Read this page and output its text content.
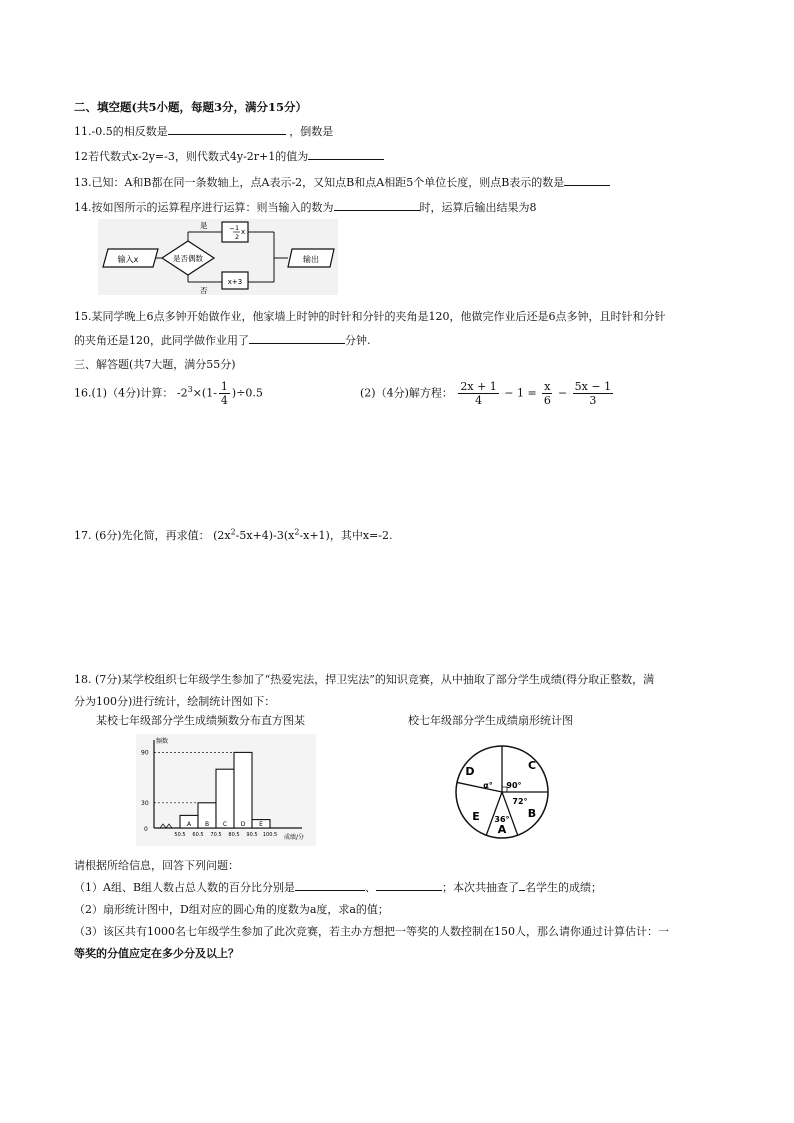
二、填空题(共5小题，每题3分，满分15分）
11.-0.5的相反数是	，倒数是
12若代数式x-2y=-3，则代数式4y-2r+1的值为
13.已知：A和B都在同一条数轴上，点A表示-2，又知点B和点A相距5个单位长度，则点B表示的数是
14.按如图所示的运算程序进行运算：则当输入的数为	时，运算后输出结果为8
输入x	是否偶数
是	− 1
2
x
否
x+3
输出
15.某同学晚上6点多钟开始做作业，他家墙上时钟的时针和分针的夹角是120，他做完作业后还是6点多钟，且时针和分针
的夹角还是120，此同学做作业用了	分钟.
三、解答题(共7大题，满分55分)
16.(1)（4分)计算： $-2^3\times(1- \frac{1}{4} )\div 0.5$	(2)（4分)解方程： $\frac{2x + 1}{4} - 1 = \frac{x}{6} - \frac{5x - 1}{3}$
17. (6分)先化简，再求值： $(2x^2-5x+4)-3(x^2-x+1)$，其中x=-2.
18. (7分)某学校组织七年级学生参加了“热爱宪法，捍卫宪法”的知识竞赛，从中抽取了部分学生成绩(得分取正整数，满
分为100分)进行统计，绘制统计图如下：
某校七年级部分学生成绩频数分布直方图某	校七年级部分学生成绩扇形统计图
频数
成绩/分
0
30
90
A B C D E
50.5 60.5 70.5 80.5 90.5 100.5	A
B
C
D
E 36°
72°
90°
α°
请根据所给信息，回答下列问题：
（1）A组、B组人数占总人数的百分比分别是	、	；本次共抽查了 名学生的成绩；
（2）扇形统计图中，D组对应的圆心角的度数为a度，求a的值；
（3）该区共有1000名七年级学生参加了此次竞赛，若主办方想把一等奖的人数控制在150人，那么请你通过计算估计：一
等奖的分值应定在多少分及以上？
